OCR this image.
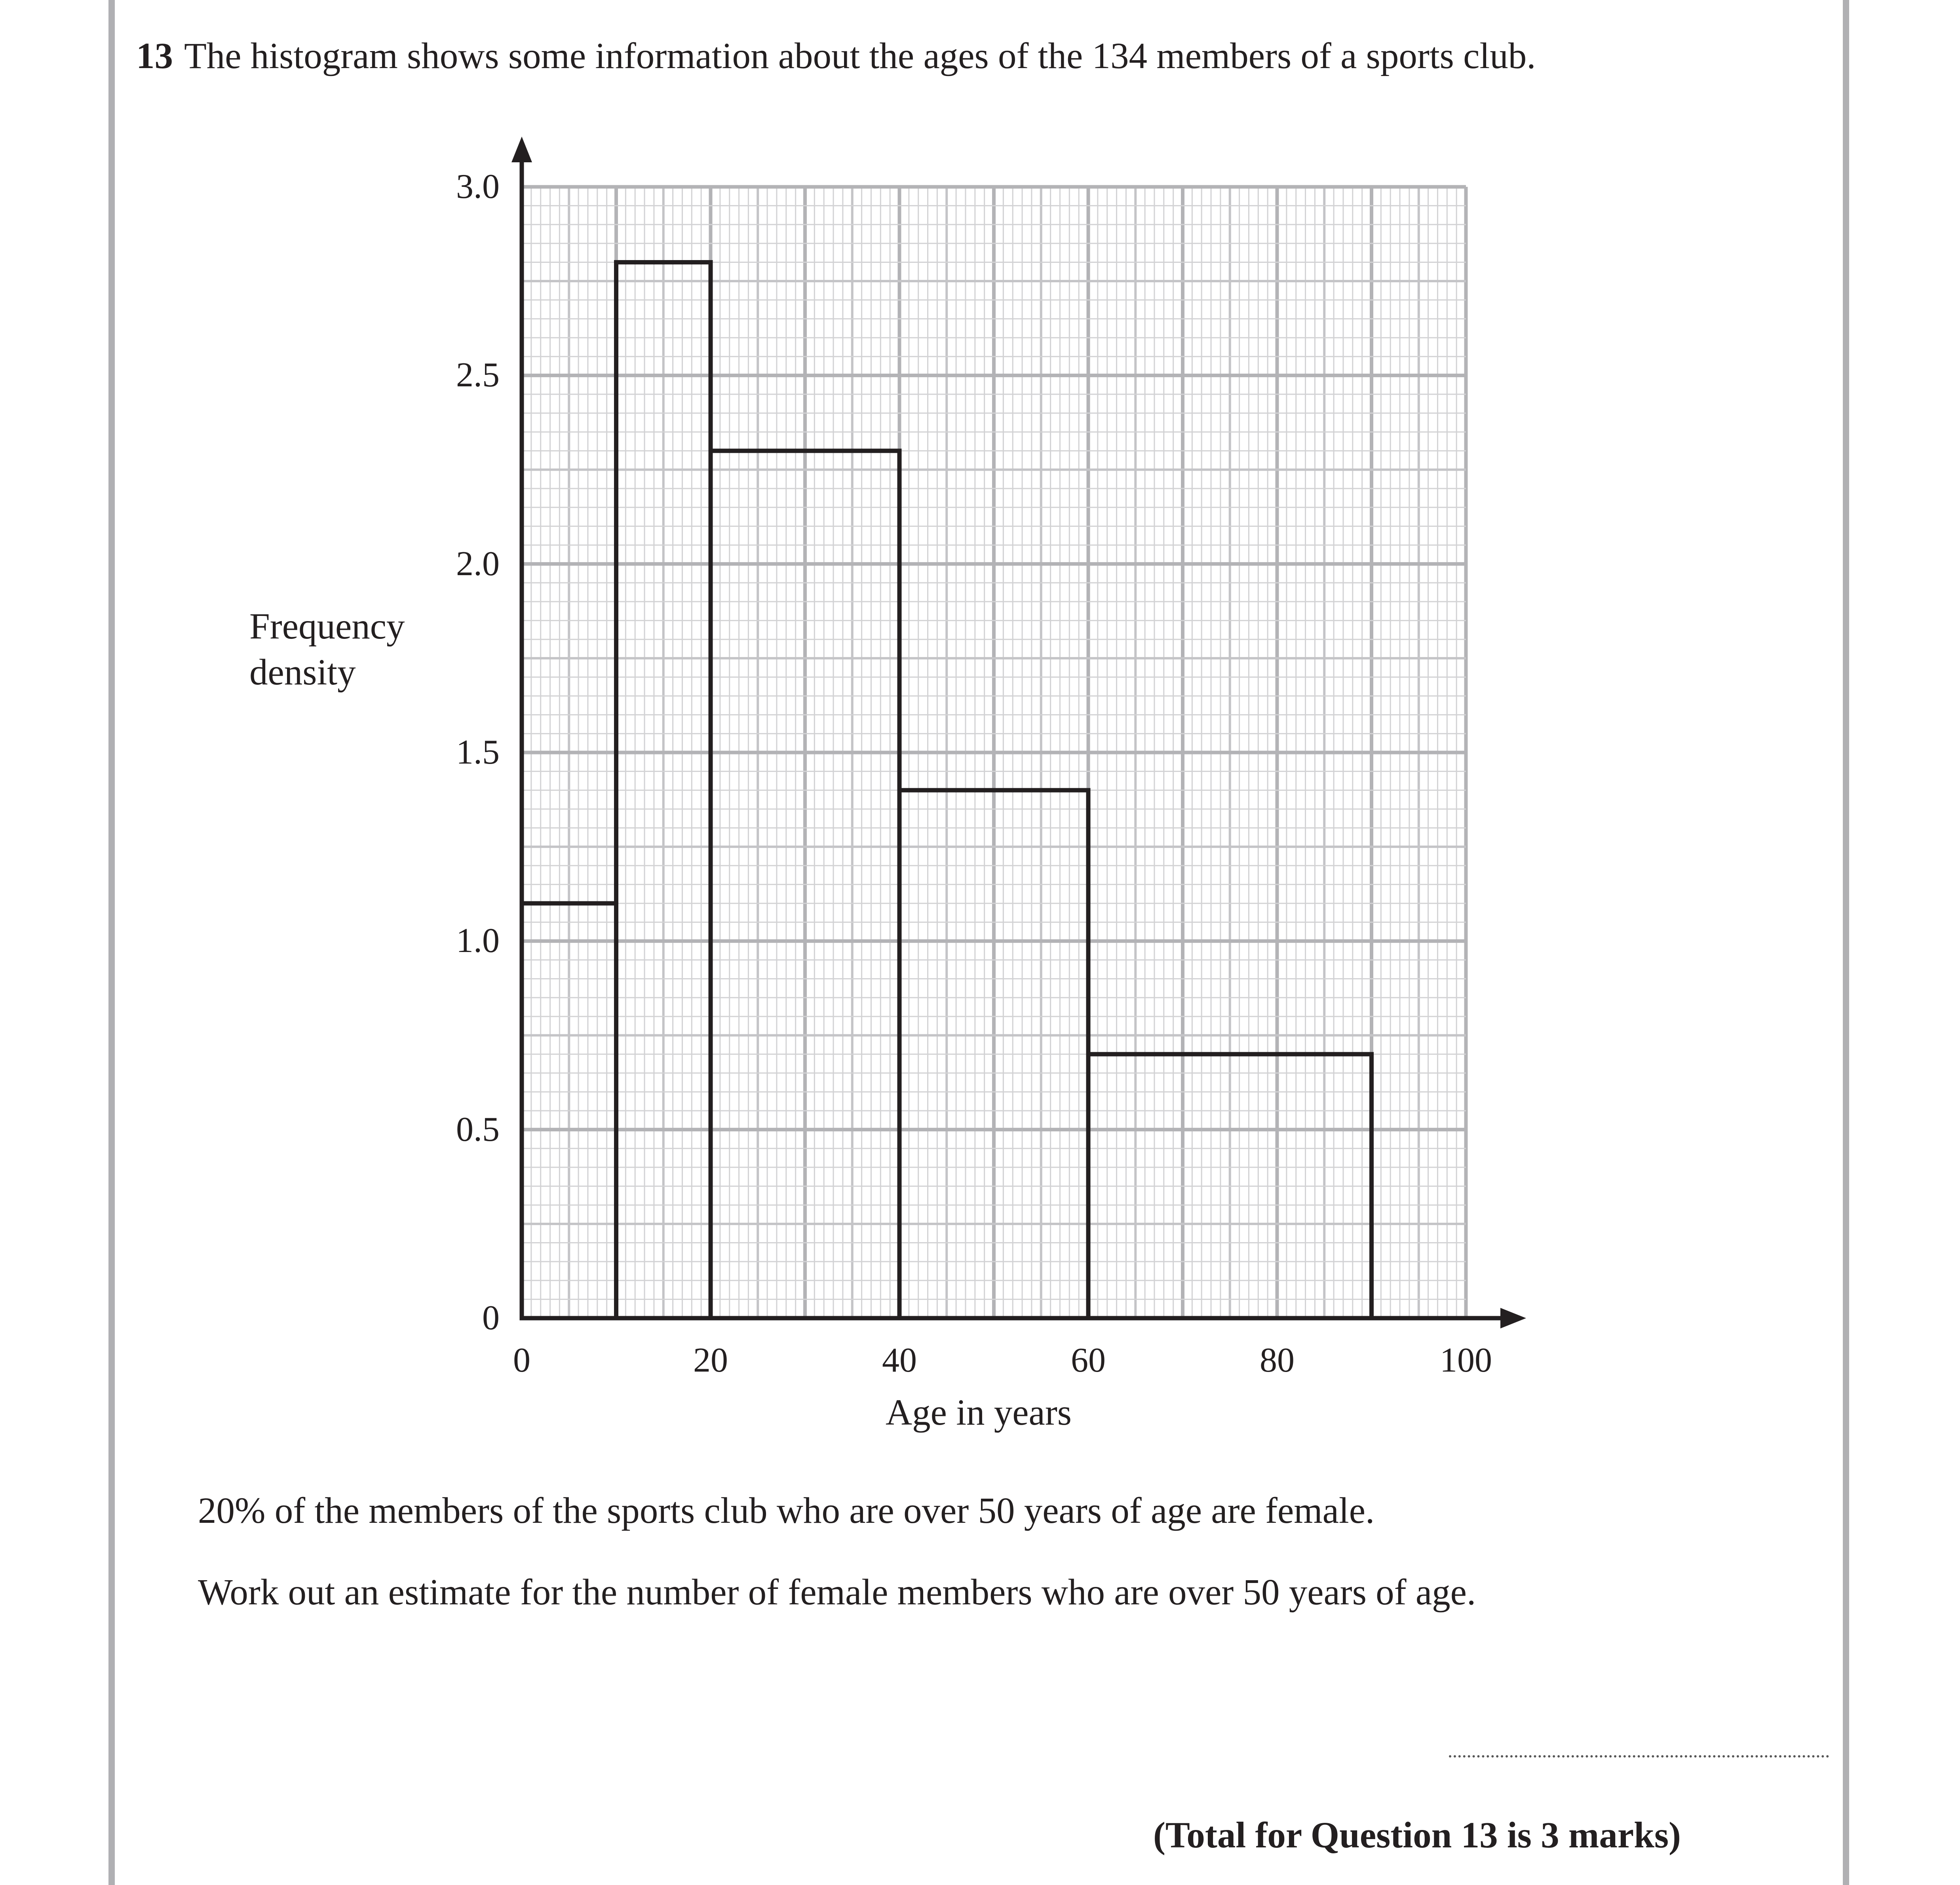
13 The histogram shows some information about the ages of the 134 members of a sports club.
Frequency
density
0
0.5
1.0
1.5
2.0
2.5
3.0
0	20	40	60	80	100
Age in years
20% of the members of the sports club who are over 50 years of age are female.
Work out an estimate for the number of female members who are over 50 years of age.
(Total for Question 13 is 3 marks)
